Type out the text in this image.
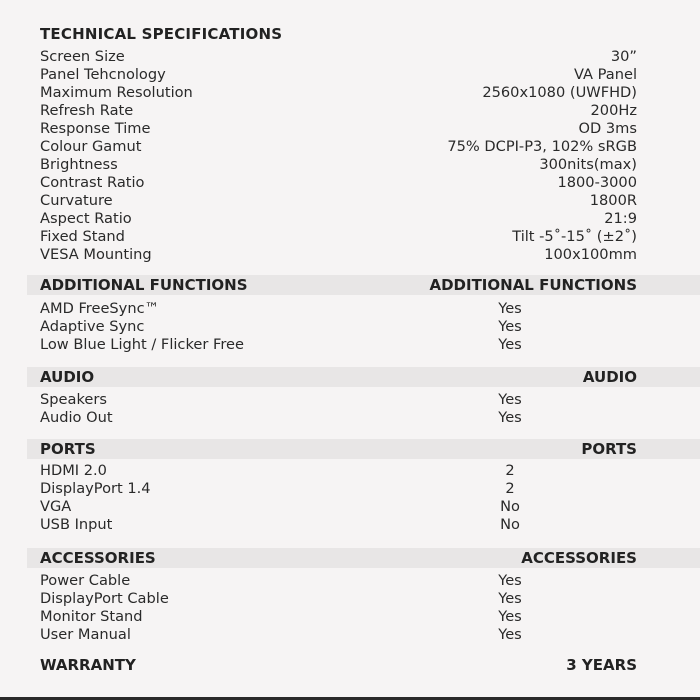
TECHNICAL SPECIFICATIONS
Screen Size	30”
Panel Tehcnology	VA Panel
Maximum Resolution	2560x1080 (UWFHD)
Refresh Rate	200Hz
Response Time	OD 3ms
Colour Gamut	75% DCPI-P3, 102% sRGB
Brightness	300nits(max)
Contrast Ratio	1800-3000
Curvature	1800R
Aspect Ratio	21:9
Fixed Stand	Tilt -5˚-15˚ (±2˚)
VESA Mounting	100x100mm
ADDITIONAL FUNCTIONS	ADDITIONAL FUNCTIONS
AMD FreeSync™	Yes
Adaptive Sync	Yes
Low Blue Light / Flicker Free	Yes
AUDIO	AUDIO
Speakers	Yes
Audio Out	Yes
PORTS	PORTS
HDMI 2.0	2
DisplayPort 1.4	2
VGA	No
USB Input	No
ACCESSORIES	ACCESSORIES
Power Cable	Yes
DisplayPort Cable	Yes
Monitor Stand	Yes
User Manual	Yes
WARRANTY	3 YEARS
